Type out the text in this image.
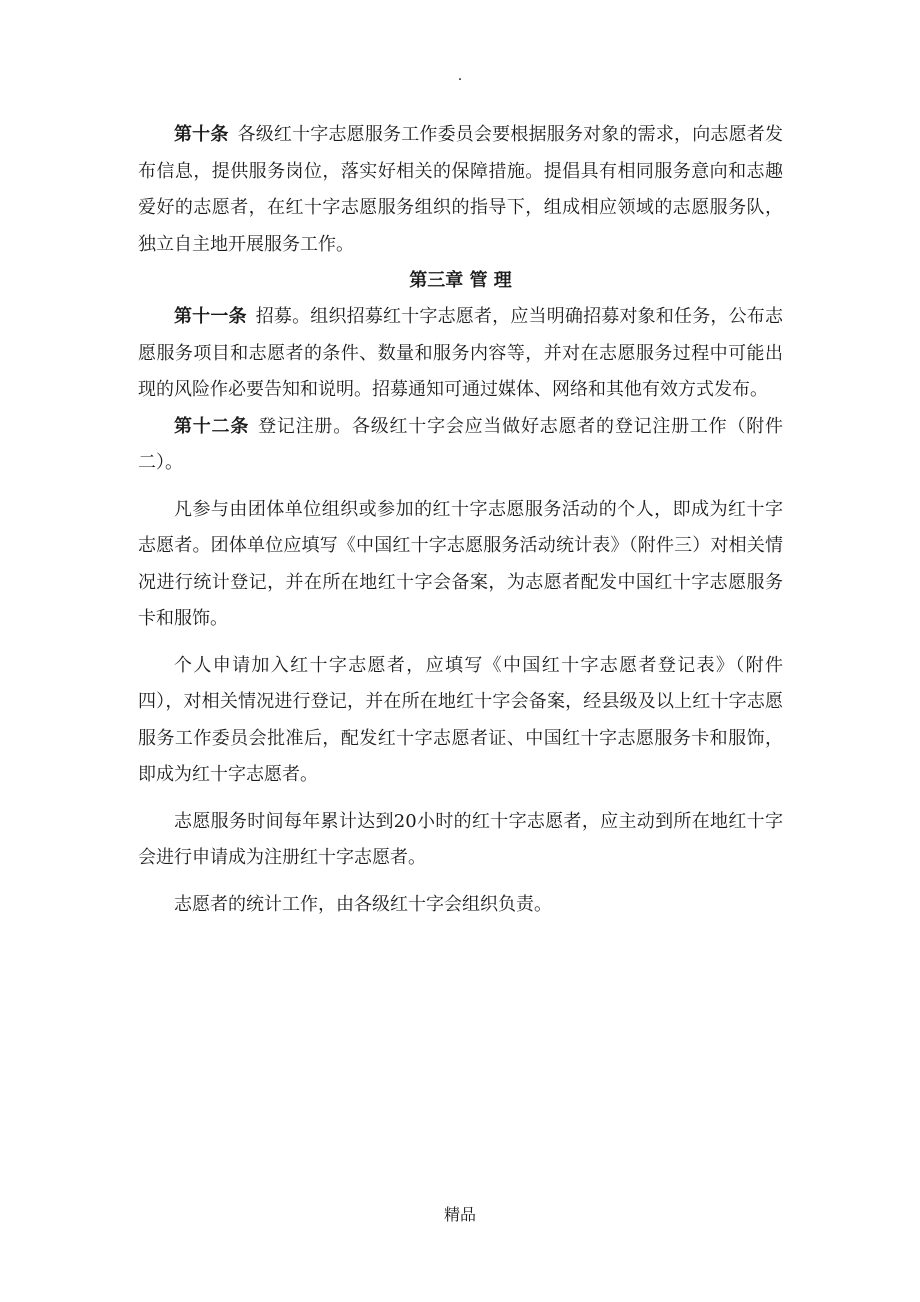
.

第十条 各级红十字志愿服务工作委员会要根据服务对象的需求，向志愿者发布信息，提供服务岗位，落实好相关的保障措施。提倡具有相同服务意向和志趣爱好的志愿者，在红十字志愿服务组织的指导下，组成相应领域的志愿服务队，独立自主地开展服务工作。

第三章 管 理

第十一条 招募。组织招募红十字志愿者，应当明确招募对象和任务，公布志愿服务项目和志愿者的条件、数量和服务内容等，并对在志愿服务过程中可能出现的风险作必要告知和说明。招募通知可通过媒体、网络和其他有效方式发布。

第十二条 登记注册。各级红十字会应当做好志愿者的登记注册工作（附件二）。

凡参与由团体单位组织或参加的红十字志愿服务活动的个人，即成为红十字志愿者。团体单位应填写《中国红十字志愿服务活动统计表》（附件三）对相关情况进行统计登记，并在所在地红十字会备案，为志愿者配发中国红十字志愿服务卡和服饰。

个人申请加入红十字志愿者，应填写《中国红十字志愿者登记表》（附件四），对相关情况进行登记，并在所在地红十字会备案，经县级及以上红十字志愿服务工作委员会批准后，配发红十字志愿者证、中国红十字志愿服务卡和服饰，即成为红十字志愿者。

志愿服务时间每年累计达到20小时的红十字志愿者，应主动到所在地红十字会进行申请成为注册红十字志愿者。

志愿者的统计工作，由各级红十字会组织负责。

精品
